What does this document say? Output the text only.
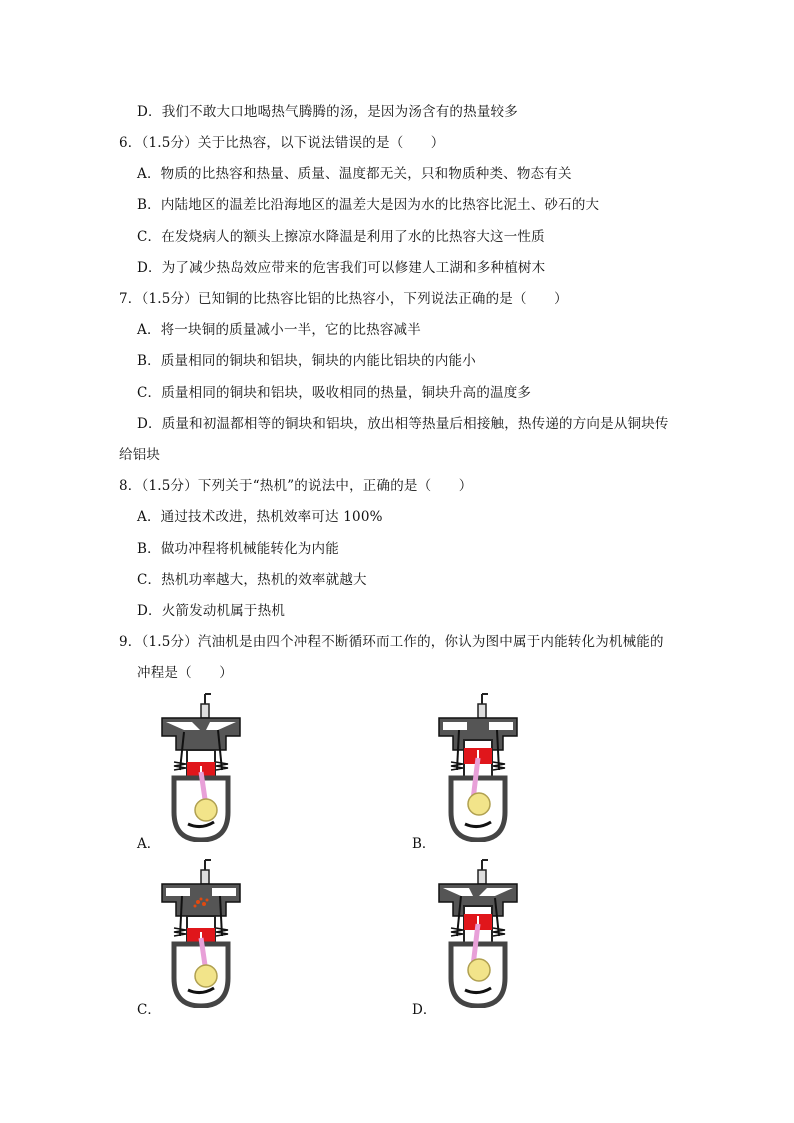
D．我们不敢大口地喝热气腾腾的汤，是因为汤含有的热量较多
6．（1.5分）关于比热容，以下说法错误的是（　　）
A．物质的比热容和热量、质量、温度都无关，只和物质种类、物态有关
B．内陆地区的温差比沿海地区的温差大是因为水的比热容比泥土、砂石的大
C．在发烧病人的额头上擦凉水降温是利用了水的比热容大这一性质
D．为了减少热岛效应带来的危害我们可以修建人工湖和多种植树木
7．（1.5分）已知铜的比热容比铝的比热容小，下列说法正确的是（　　）
A．将一块铜的质量减小一半，它的比热容减半
B．质量相同的铜块和铝块，铜块的内能比铝块的内能小
C．质量相同的铜块和铝块，吸收相同的热量，铜块升高的温度多
D．质量和初温都相等的铜块和铝块，放出相等热量后相接触，热传递的方向是从铜块传
给铝块
8．（1.5分）下列关于“热机”的说法中，正确的是（　　）
A．通过技术改进，热机效率可达 100%
B．做功冲程将机械能转化为内能
C．热机功率越大，热机的效率就越大
D．火箭发动机属于热机
9．（1.5分）汽油机是由四个冲程不断循环而工作的，你认为图中属于内能转化为机械能的
冲程是（　　）
A．	B．
C．	D．
